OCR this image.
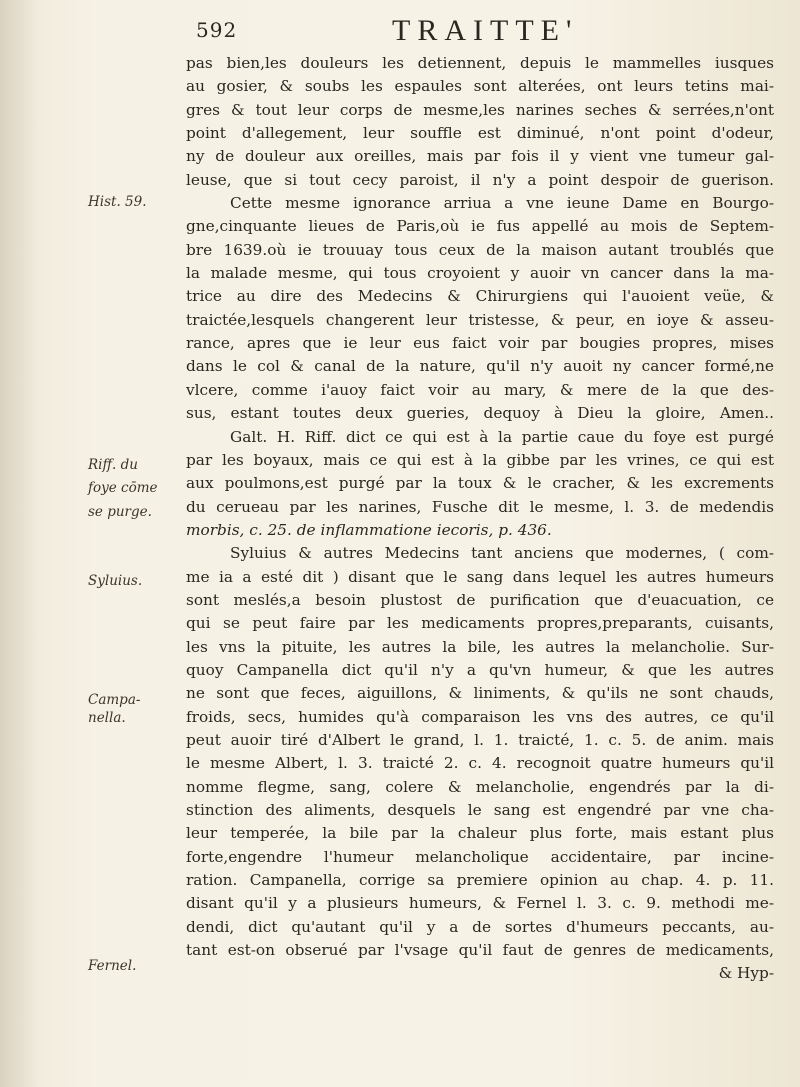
592	TRAITTE'
Hist. 59.
Riff. du
foye cōme
se purge.
Syluius.
Campa-
nella.
Fernel.
pas bien,les douleurs les detiennent, depuis le mammelles iusques
au gosier, & soubs les espaules sont alterées, ont leurs tetins mai-
gres & tout leur corps de mesme,les narines seches & serrées,n'ont
point d'allegement, leur souffle est diminué, n'ont point d'odeur,
ny de douleur aux oreilles, mais par fois il y vient vne tumeur gal-
leuse, que si tout cecy paroist, il n'y a point despoir de guerison.
Cette mesme ignorance arriua a vne ieune Dame en Bourgo-
gne,cinquante lieues de Paris,où ie fus appellé au mois de Septem-
bre 1639.où ie trouuay tous ceux de la maison autant troublés que
la malade mesme, qui tous croyoient y auoir vn cancer dans la ma-
trice au dire des Medecins & Chirurgiens qui l'auoient veüe, &
traictée,lesquels changerent leur tristesse, & peur, en ioye & asseu-
rance, apres que ie leur eus faict voir par bougies propres, mises
dans le col & canal de la nature, qu'il n'y auoit ny cancer formé,ne
vlcere, comme i'auoy faict voir au mary, & mere de la que des-
sus, estant toutes deux gueries, dequoy à Dieu la gloire, Amen..
Galt. H. Riff. dict ce qui est à la partie caue du foye est purgé
par les boyaux, mais ce qui est à la gibbe par les vrines, ce qui est
aux poulmons,est purgé par la toux & le cracher, & les excrements
du cerueau par les narines, Fusche dit le mesme, l. 3. de medendis
morbis, c. 25. de inflammatione iecoris, p. 436.
Syluius & autres Medecins tant anciens que modernes, ( com-
me ia a esté dit ) disant que le sang dans lequel les autres humeurs
sont meslés,a besoin plustost de purification que d'euacuation, ce
qui se peut faire par les medicaments propres,preparants, cuisants,
les vns la pituite, les autres la bile, les autres la melancholie. Sur-
quoy Campanella dict qu'il n'y a qu'vn humeur, & que les autres
ne sont que feces, aiguillons, & liniments, & qu'ils ne sont chauds,
froids, secs, humides qu'à comparaison les vns des autres, ce qu'il
peut auoir tiré d'Albert le grand, l. 1. traicté, 1. c. 5. de anim. mais
le mesme Albert, l. 3. traicté 2. c. 4. recognoit quatre humeurs qu'il
nomme flegme, sang, colere & melancholie, engendrés par la di-
stinction des aliments, desquels le sang est engendré par vne cha-
leur temperée, la bile par la chaleur plus forte, mais estant plus
forte,engendre l'humeur melancholique accidentaire, par incine-
ration. Campanella, corrige sa premiere opinion au chap. 4. p. 11.
disant qu'il y a plusieurs humeurs, & Fernel l. 3. c. 9. methodi me-
dendi, dict qu'autant qu'il y a de sortes d'humeurs peccants, au-
tant est-on obserué par l'vsage qu'il faut de genres de medicaments,
& Hyp-
